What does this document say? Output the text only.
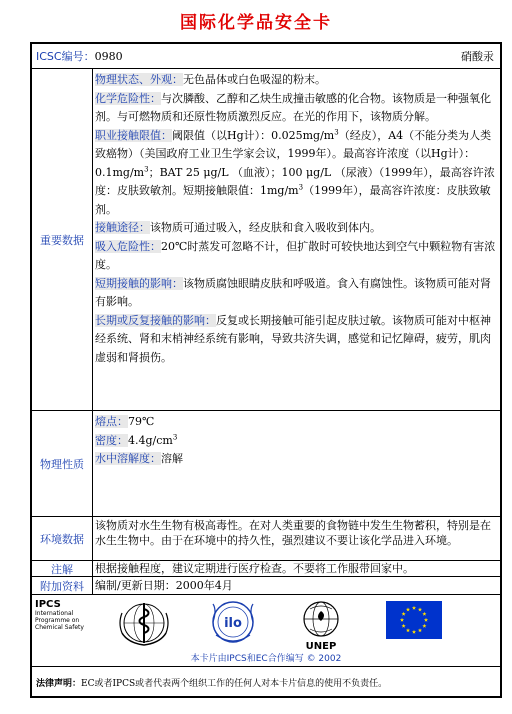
国际化学品安全卡
ICSC编号：0980	硝酸汞
重要数据
物理状态、外观：无色晶体或白色吸湿的粉末。
化学危险性：与次膦酸、乙醇和乙炔生成撞击敏感的化合物。该物质是一种强氧化剂。与可燃物质和还原性物质激烈反应。在光的作用下，该物质分解。
职业接触限值：阈限值（以Hg计）：$0.025mg/m^3$（经皮），A4（不能分类为人类致癌物）（美国政府工业卫生学家会议，1999年）。最高容许浓度（以Hg计）：$0.1mg/m^3$；BAT 25 μg/L （血液）；100 μg/L （尿液）（1999年），最高容许浓度：皮肤致敏剂。短期接触限值：$1mg/m^3(1999$年），最高容许浓度：皮肤致敏剂。
接触途径：该物质可通过吸入，经皮肤和食入吸收到体内。
吸入危险性：20℃时蒸发可忽略不计，但扩散时可较快地达到空气中颗粒物有害浓度。
短期接触的影响：该物质腐蚀眼睛皮肤和呼吸道。食入有腐蚀性。该物质可能对肾有影响。
长期或反复接触的影响：反复或长期接触可能引起皮肤过敏。该物质可能对中枢神经系统、肾和末梢神经系统有影响，导致共济失调，感觉和记忆障碍，疲劳，肌肉虚弱和肾损伤。
物理性质
熔点：79℃
密度：$4.4g/cm^3$
水中溶解度：溶解
环境数据
该物质对水生生物有极高毒性。在对人类重要的食物链中发生生物蓄积，特别是在水生生物中。由于在环境中的持久性，强烈建议不要让该化学品进入环境。
注解	根据接触程度，建议定期进行医疗检查。不要将工作服带回家中。
附加资料	编制/更新日期：2000年4月
IPCS
International
Programme on
Chemical Safety	ilo
UNEP
本卡片由IPCS和EC合作编写 © 2002
法律声明：EC或者IPCS或者代表两个组织工作的任何人对本卡片信息的使用不负责任。
